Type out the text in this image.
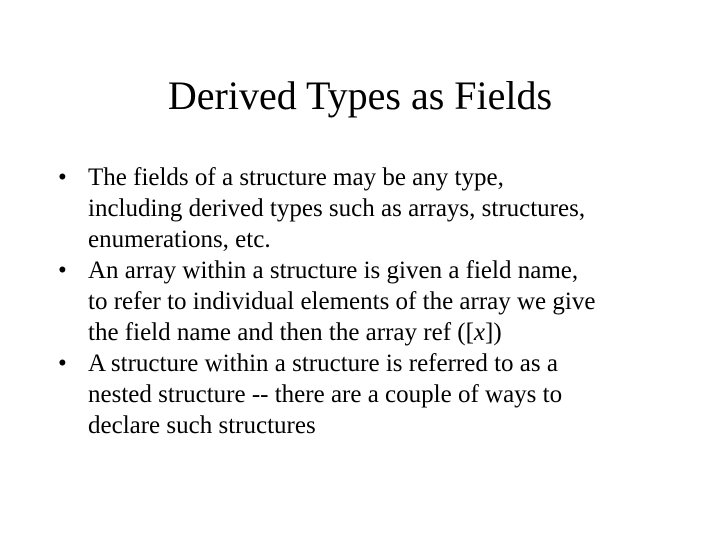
Derived Types as Fields
• The fields of a structure may be any type,
including derived types such as arrays, structures,
enumerations, etc.
• An array within a structure is given a field name,
to refer to individual elements of the array we give
the field name and then the array ref ([x])
• A structure within a structure is referred to as a
nested structure -- there are a couple of ways to
declare such structures
